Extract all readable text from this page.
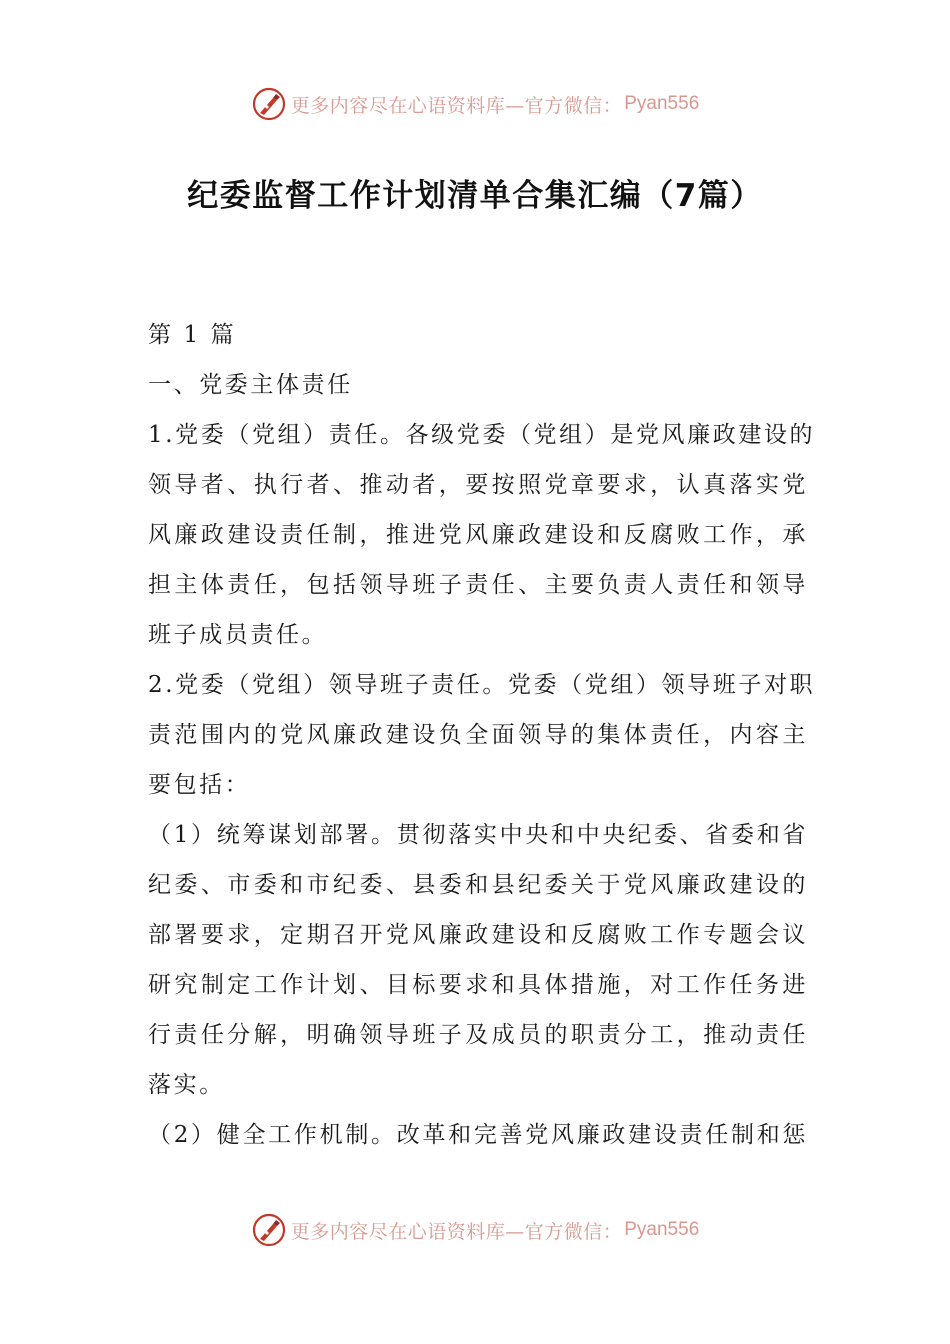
更多内容尽在心语资料库—官方微信： Pyan556
纪委监督工作计划清单合集汇编（7篇）

第 1 篇

一、党委主体责任

1.党委（党组）责任。各级党委（党组）是党风廉政建设的
领导者、执行者、推动者，要按照党章要求，认真落实党
风廉政建设责任制，推进党风廉政建设和反腐败工作，承
担主体责任，包括领导班子责任、主要负责人责任和领导
班子成员责任。

2.党委（党组）领导班子责任。党委（党组）领导班子对职
责范围内的党风廉政建设负全面领导的集体责任，内容主
要包括：

（1）统筹谋划部署。贯彻落实中央和中央纪委、省委和省
纪委、市委和市纪委、县委和县纪委关于党风廉政建设的
部署要求，定期召开党风廉政建设和反腐败工作专题会议
研究制定工作计划、目标要求和具体措施，对工作任务进
行责任分解，明确领导班子及成员的职责分工，推动责任
落实。

（2）健全工作机制。改革和完善党风廉政建设责任制和惩

更多内容尽在心语资料库—官方微信： Pyan556
